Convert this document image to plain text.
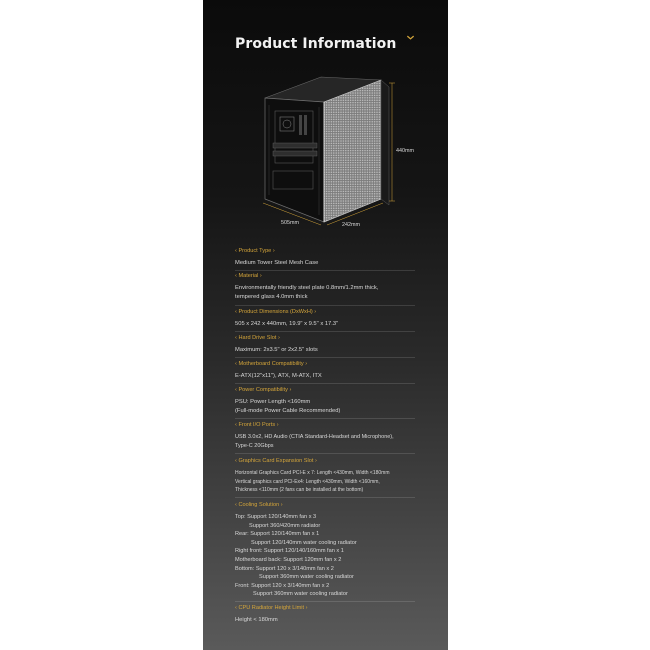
Product Information
440mm
505mm	242mm
‹ Product Type ›
Medium Tower Steel Mesh Case
‹ Material ›
Environmentally friendly steel plate 0.8mm/1.2mm thick,
tempered glass 4.0mm thick
‹ Product Dimensions (DxWxH) ›
505 x 242 x 440mm, 19.9" x 9.5" x 17.3"
‹ Hard Drive Slot ›
Maximum: 2x3.5" or 2x2.5" slots
‹ Motherboard Compatibility ›
E-ATX(12"x11"), ATX, M-ATX, ITX
‹ Power Compatibility ›
PSU: Power Length <160mm
(Full-mode Power Cable Recommended)
‹ Front I/O Ports ›
USB 3.0x2, HD Audio (CTIA Standard-Headset and Microphone),
Type-C 20Gbps
‹ Graphics Card Expansion Slot ›
Horizontal Graphics Card PCI-E x 7: Length <430mm, Width <180mm
Vertical graphics card PCI-Ex4: Length <430mm, Width <160mm,
Thickness <110mm (2 fans can be installed at the bottom)
‹ Cooling Solution ›
Top: Support 120/140mm fan x 3
Support 360/420mm radiator
Rear: Support 120/140mm fan x 1
Support 120/140mm water cooling radiator
Right front: Support 120/140/160mm fan x 1
Motherboard back: Support 120mm fan x 2
Bottom: Support 120 x 3/140mm fan x 2
Support 360mm water cooling radiator
Front: Support 120 x 3/140mm fan x 2
Support 360mm water cooling radiator
‹ CPU Radiator Height Limit ›
Height < 180mm
